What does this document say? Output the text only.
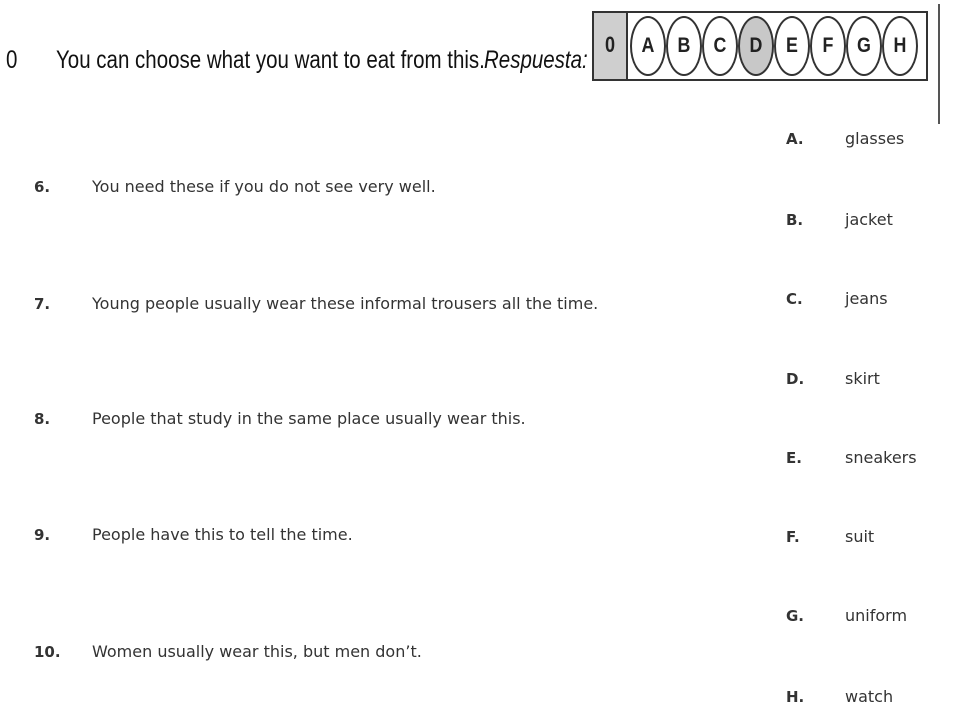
0 You can choose what you want to eat from this. Respuesta:
0	A	B	C	D	E	F	G	H
6.	You need these if you do not see very well.
7.	Young people usually wear these informal trousers all the time.
8.	People that study in the same place usually wear this.
9.	People have this to tell the time.
10. Women usually wear this, but men don’t.
A.	glasses
B.	jacket
C.	jeans
D.	skirt
E.	sneakers
F.	suit
G.	uniform
H.	watch
